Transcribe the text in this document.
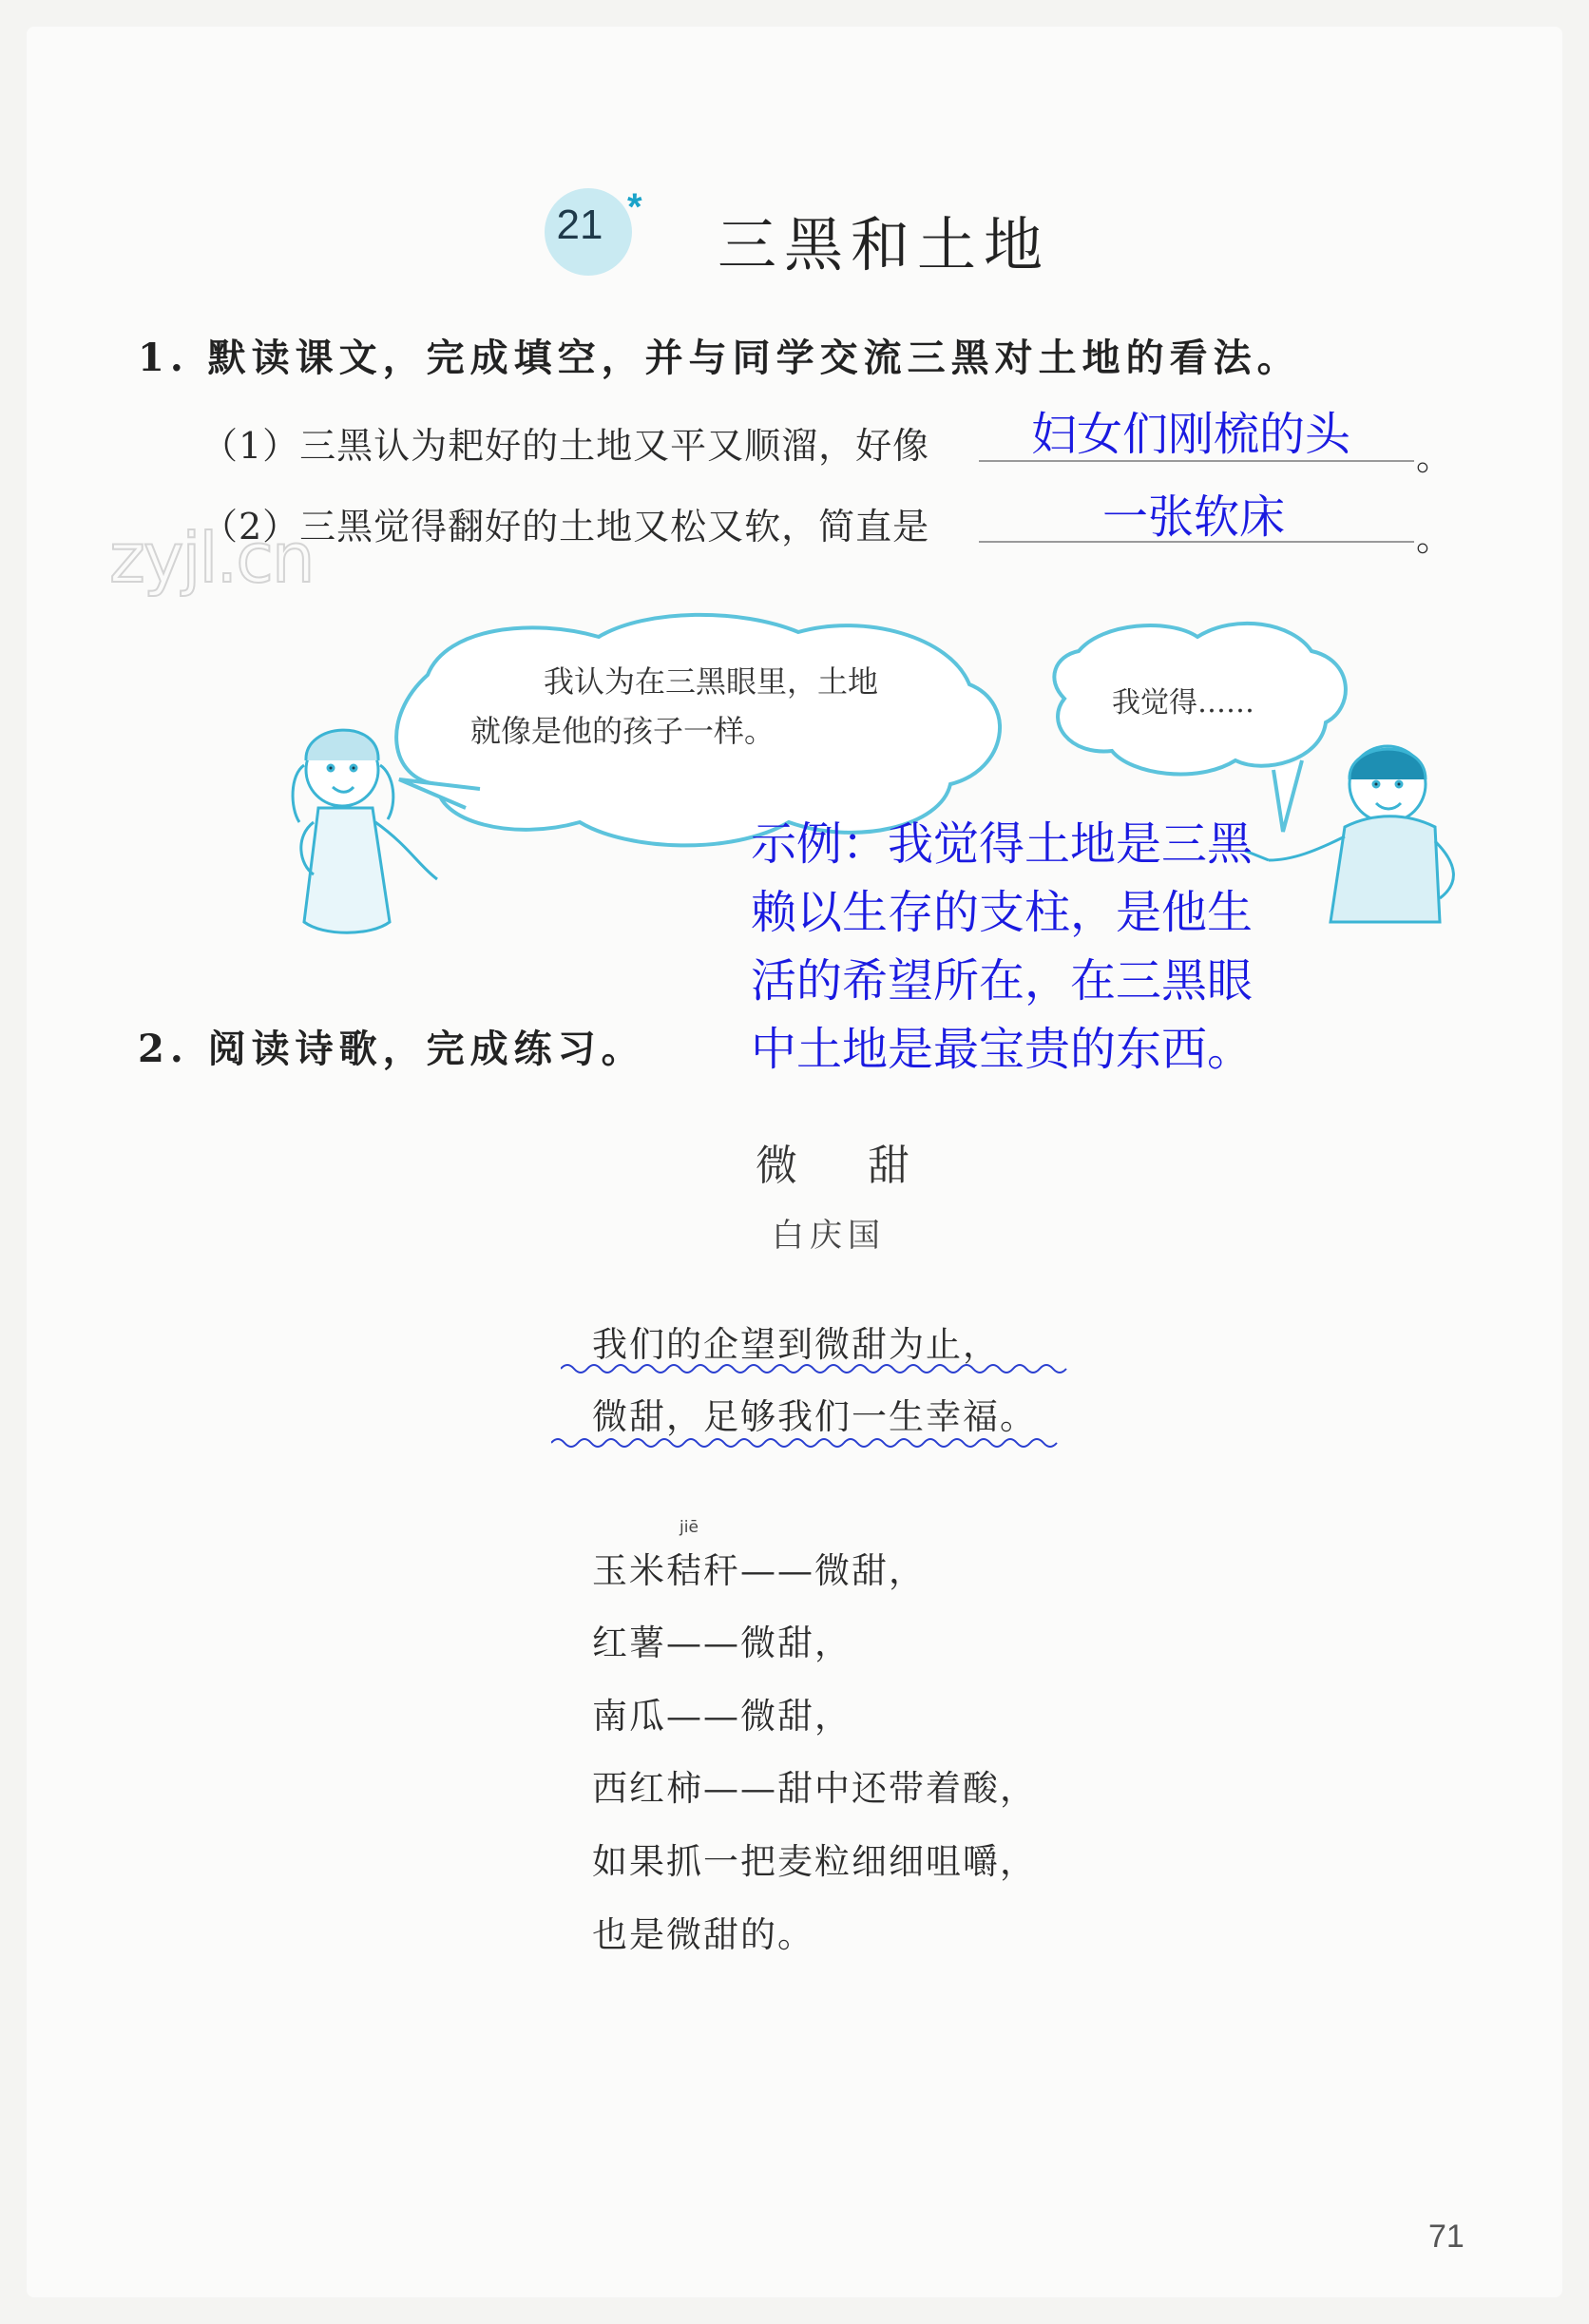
zyjl.cn
21 *
三黑和土地
1. 默读课文，完成填空，并与同学交流三黑对土地的看法。
（1）三黑认为耙好的土地又平又顺溜，好像 妇女们刚梳的头 。
（2）三黑觉得翻好的土地又松又软，简直是	一张软床	。
我认为在三黑眼里，土地
就像是他的孩子一样。
我觉得……
示例：我觉得土地是三黑
赖以生存的支柱，是他生
活的希望所在，在三黑眼
中土地是最宝贵的东西。
2. 阅读诗歌，完成练习。
微 甜
白庆国
我们的企望到微甜为止，
微甜，足够我们一生幸福。
jiē
玉米秸秆——微甜，
红薯——微甜，
南瓜——微甜，
西红柿——甜中还带着酸，
如果抓一把麦粒细细咀嚼，
也是微甜的。
71
